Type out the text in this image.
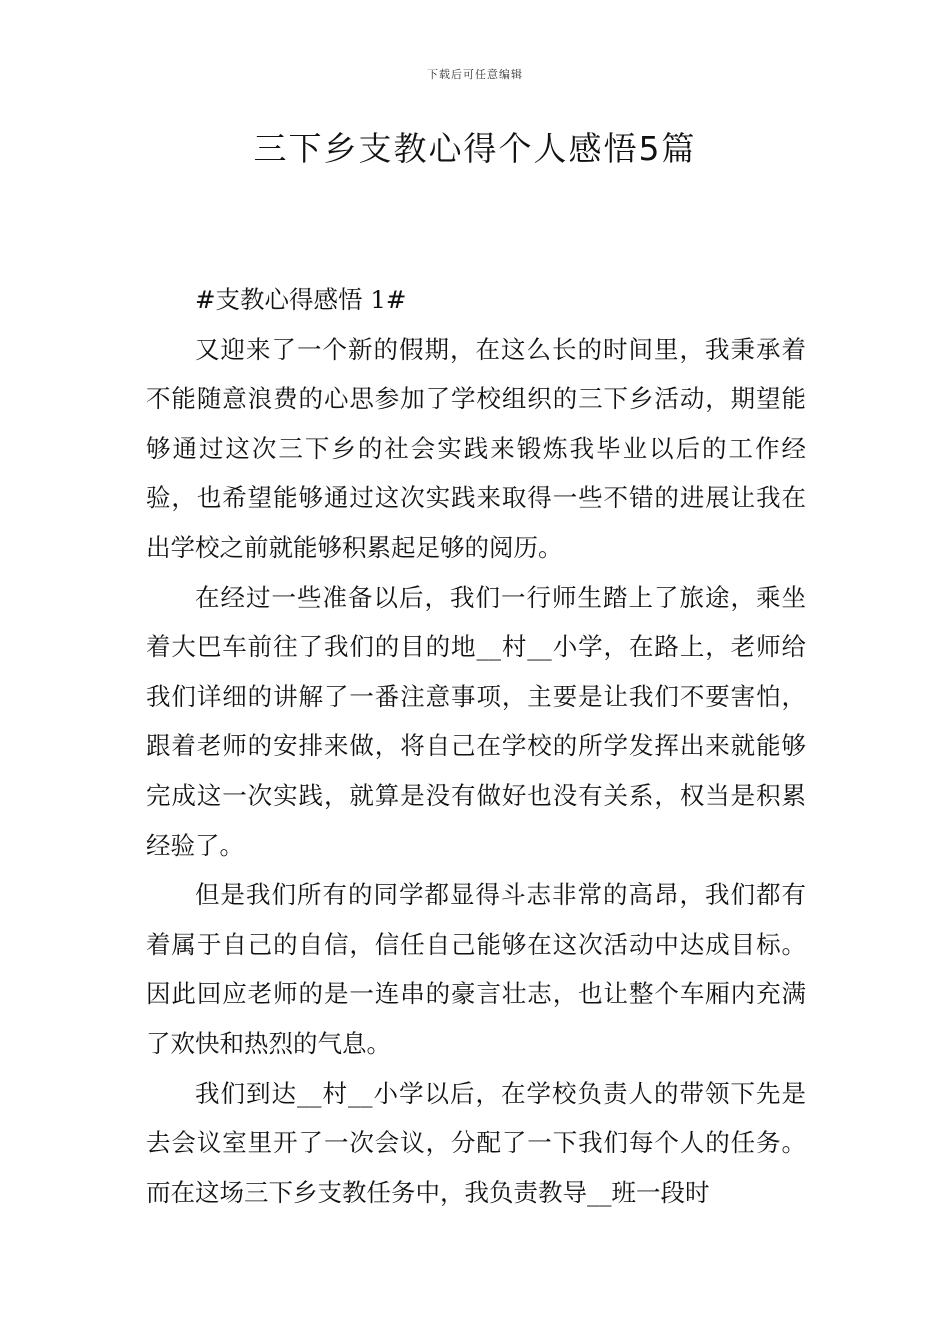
下载后可任意编辑
三下乡支教心得个人感悟5篇

#支教心得感悟 1#

又迎来了一个新的假期，在这么长的时间里，我秉承着不能随意浪费的心思参加了学校组织的三下乡活动，期望能够通过这次三下乡的社会实践来锻炼我毕业以后的工作经验，也希望能够通过这次实践来取得一些不错的进展让我在出学校之前就能够积累起足够的阅历。

在经过一些准备以后，我们一行师生踏上了旅途，乘坐着大巴车前往了我们的目的地__村__小学，在路上，老师给我们详细的讲解了一番注意事项，主要是让我们不要害怕，跟着老师的安排来做，将自己在学校的所学发挥出来就能够完成这一次实践，就算是没有做好也没有关系，权当是积累经验了。

但是我们所有的同学都显得斗志非常的高昂，我们都有着属于自己的自信，信任自己能够在这次活动中达成目标。因此回应老师的是一连串的豪言壮志，也让整个车厢内充满了欢快和热烈的气息。

我们到达__村__小学以后，在学校负责人的带领下先是去会议室里开了一次会议，分配了一下我们每个人的任务。而在这场三下乡支教任务中，我负责教导__班一段时
